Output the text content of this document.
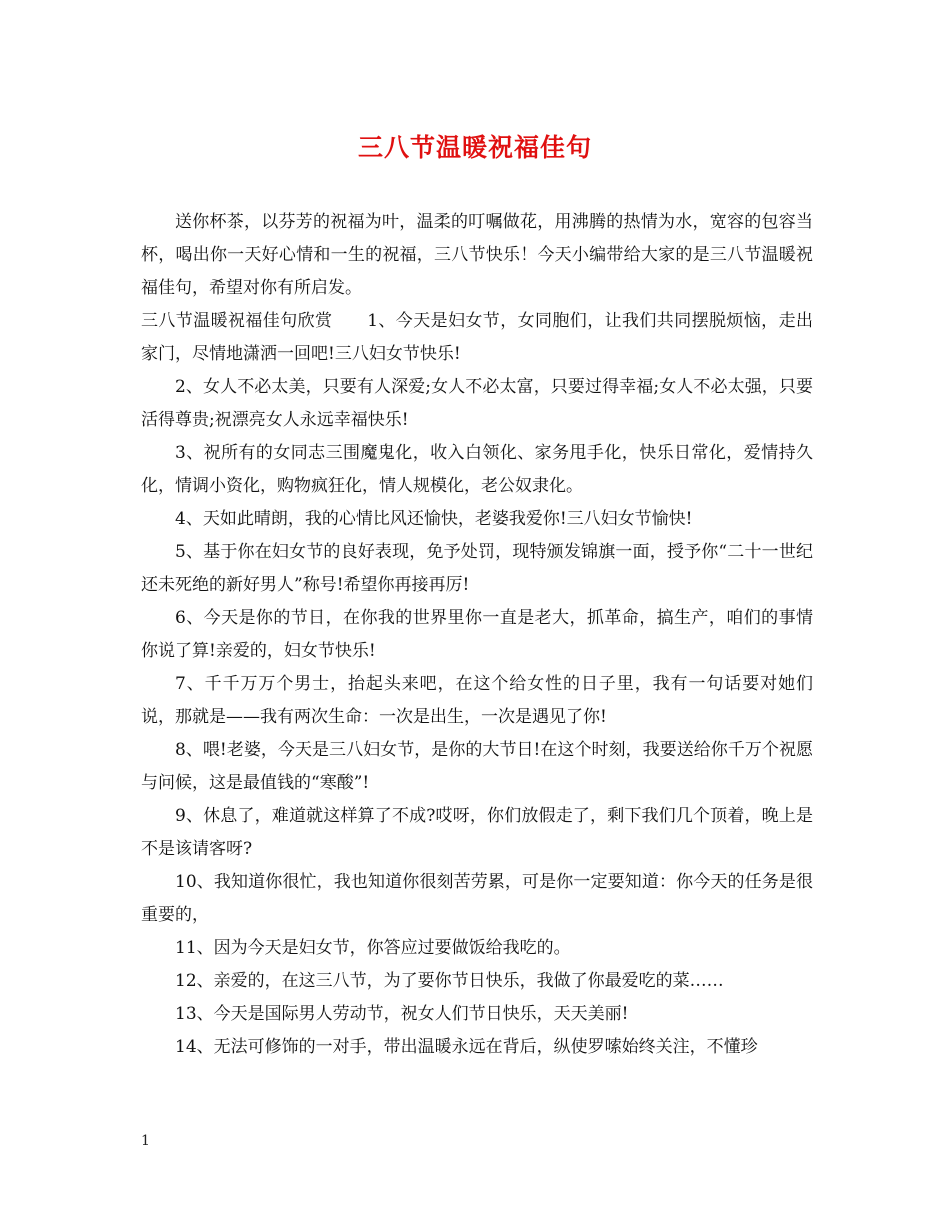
三八节温暖祝福佳句

送你杯茶，以芬芳的祝福为叶，温柔的叮嘱做花，用沸腾的热情为水，宽容的包容当杯，喝出你一天好心情和一生的祝福，三八节快乐！今天小编带给大家的是三八节温暖祝福佳句，希望对你有所启发。

三八节温暖祝福佳句欣赏　　1、今天是妇女节，女同胞们，让我们共同摆脱烦恼，走出家门，尽情地潇洒一回吧!三八妇女节快乐!

2、女人不必太美，只要有人深爱;女人不必太富，只要过得幸福;女人不必太强，只要活得尊贵;祝漂亮女人永远幸福快乐!

3、祝所有的女同志三围魔鬼化，收入白领化、家务甩手化，快乐日常化，爱情持久化，情调小资化，购物疯狂化，情人规模化，老公奴隶化。

4、天如此晴朗，我的心情比风还愉快，老婆我爱你!三八妇女节愉快!

5、基于你在妇女节的良好表现，免予处罚，现特颁发锦旗一面，授予你“二十一世纪还未死绝的新好男人”称号!希望你再接再厉!

6、今天是你的节日，在你我的世界里你一直是老大，抓革命，搞生产，咱们的事情你说了算!亲爱的，妇女节快乐!

7、千千万万个男士，抬起头来吧，在这个给女性的日子里，我有一句话要对她们说，那就是——我有两次生命：一次是出生，一次是遇见了你!

8、喂!老婆，今天是三八妇女节，是你的大节日!在这个时刻，我要送给你千万个祝愿与问候，这是最值钱的“寒酸”!

9、休息了，难道就这样算了不成?哎呀，你们放假走了，剩下我们几个顶着，晚上是不是该请客呀?

10、我知道你很忙，我也知道你很刻苦劳累，可是你一定要知道：你今天的任务是很重要的，

11、因为今天是妇女节，你答应过要做饭给我吃的。

12、亲爱的，在这三八节，为了要你节日快乐，我做了你最爱吃的菜……

13、今天是国际男人劳动节，祝女人们节日快乐，天天美丽!

14、无法可修饰的一对手，带出温暖永远在背后，纵使罗嗦始终关注，不懂珍

1
